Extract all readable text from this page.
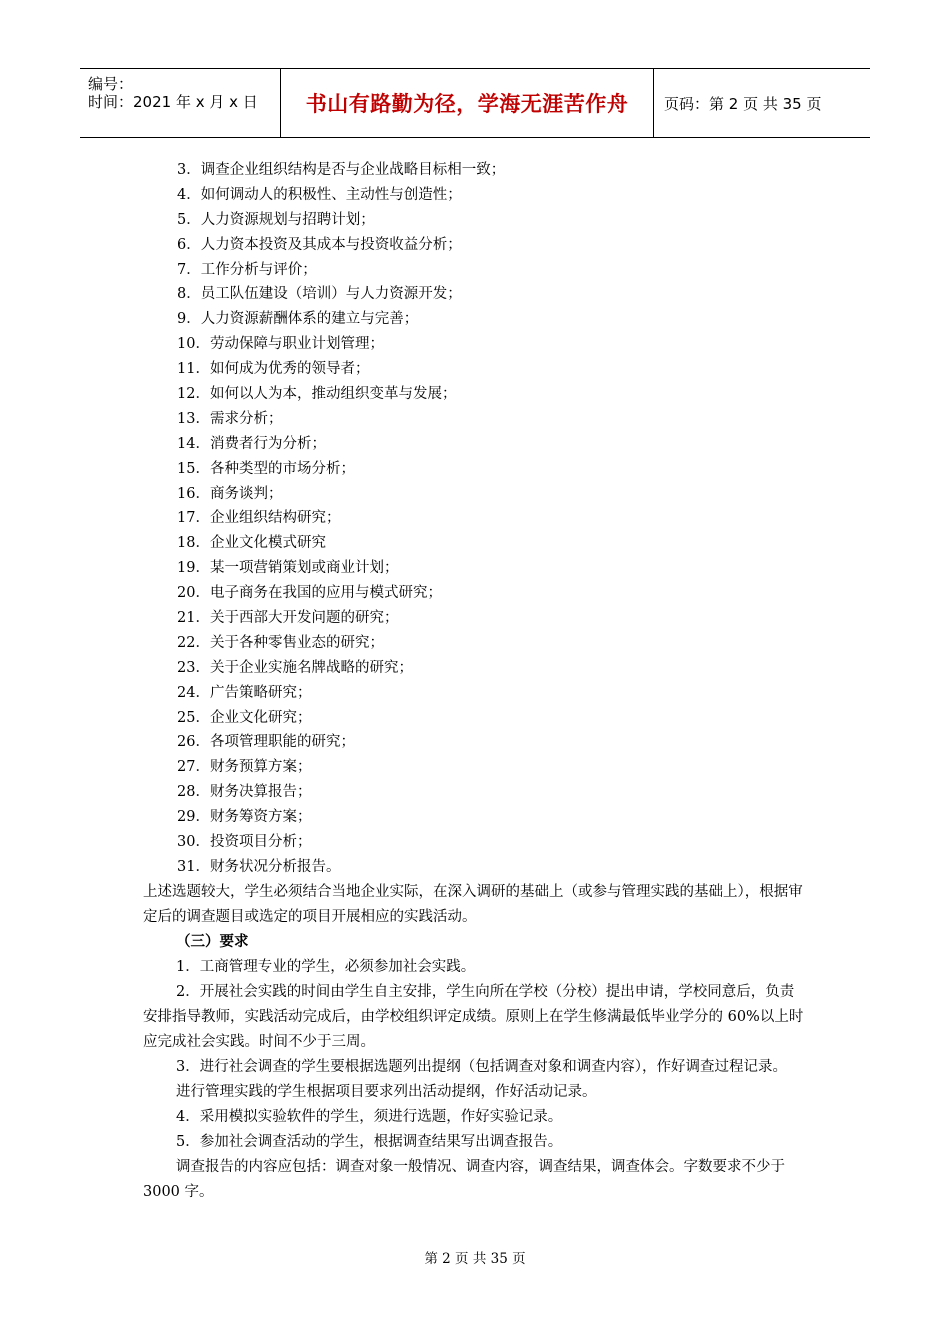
编号：
时间：2021 年 x 月 x 日 书山有路勤为径，学海无涯苦作舟 页码：第 2 页 共 35 页
3．调查企业组织结构是否与企业战略目标相一致；
4．如何调动人的积极性、主动性与创造性；
5．人力资源规划与招聘计划；
6．人力资本投资及其成本与投资收益分析；
7．工作分析与评价；
8．员工队伍建设（培训）与人力资源开发；
9．人力资源薪酬体系的建立与完善；
10．劳动保障与职业计划管理；
11．如何成为优秀的领导者；
12．如何以人为本，推动组织变革与发展；
13．需求分析；
14．消费者行为分析；
15．各种类型的市场分析；
16．商务谈判；
17．企业组织结构研究；
18．企业文化模式研究
19．某一项营销策划或商业计划；
20．电子商务在我国的应用与模式研究；
21．关于西部大开发问题的研究；
22．关于各种零售业态的研究；
23．关于企业实施名牌战略的研究；
24．广告策略研究；
25．企业文化研究；
26．各项管理职能的研究；
27．财务预算方案；
28．财务决算报告；
29．财务筹资方案；
30．投资项目分析；
31．财务状况分析报告。

上述选题较大，学生必须结合当地企业实际，在深入调研的基础上（或参与管理实践的基础上），根据审定后的调查题目或选定的项目开展相应的实践活动。

（三）要求

1．工商管理专业的学生，必须参加社会实践。

2．开展社会实践的时间由学生自主安排，学生向所在学校（分校）提出申请，学校同意后，负责安排指导教师，实践活动完成后，由学校组织评定成绩。原则上在学生修满最低毕业学分的 60%以上时应完成社会实践。时间不少于三周。

3．进行社会调查的学生要根据选题列出提纲（包括调查对象和调查内容），作好调查过程记录。

进行管理实践的学生根据项目要求列出活动提纲，作好活动记录。

4．采用模拟实验软件的学生，须进行选题，作好实验记录。

5．参加社会调查活动的学生，根据调查结果写出调查报告。

调查报告的内容应包括：调查对象一般情况、调查内容，调查结果，调查体会。字数要求不少于 3000 字。

第 2 页 共 35 页
